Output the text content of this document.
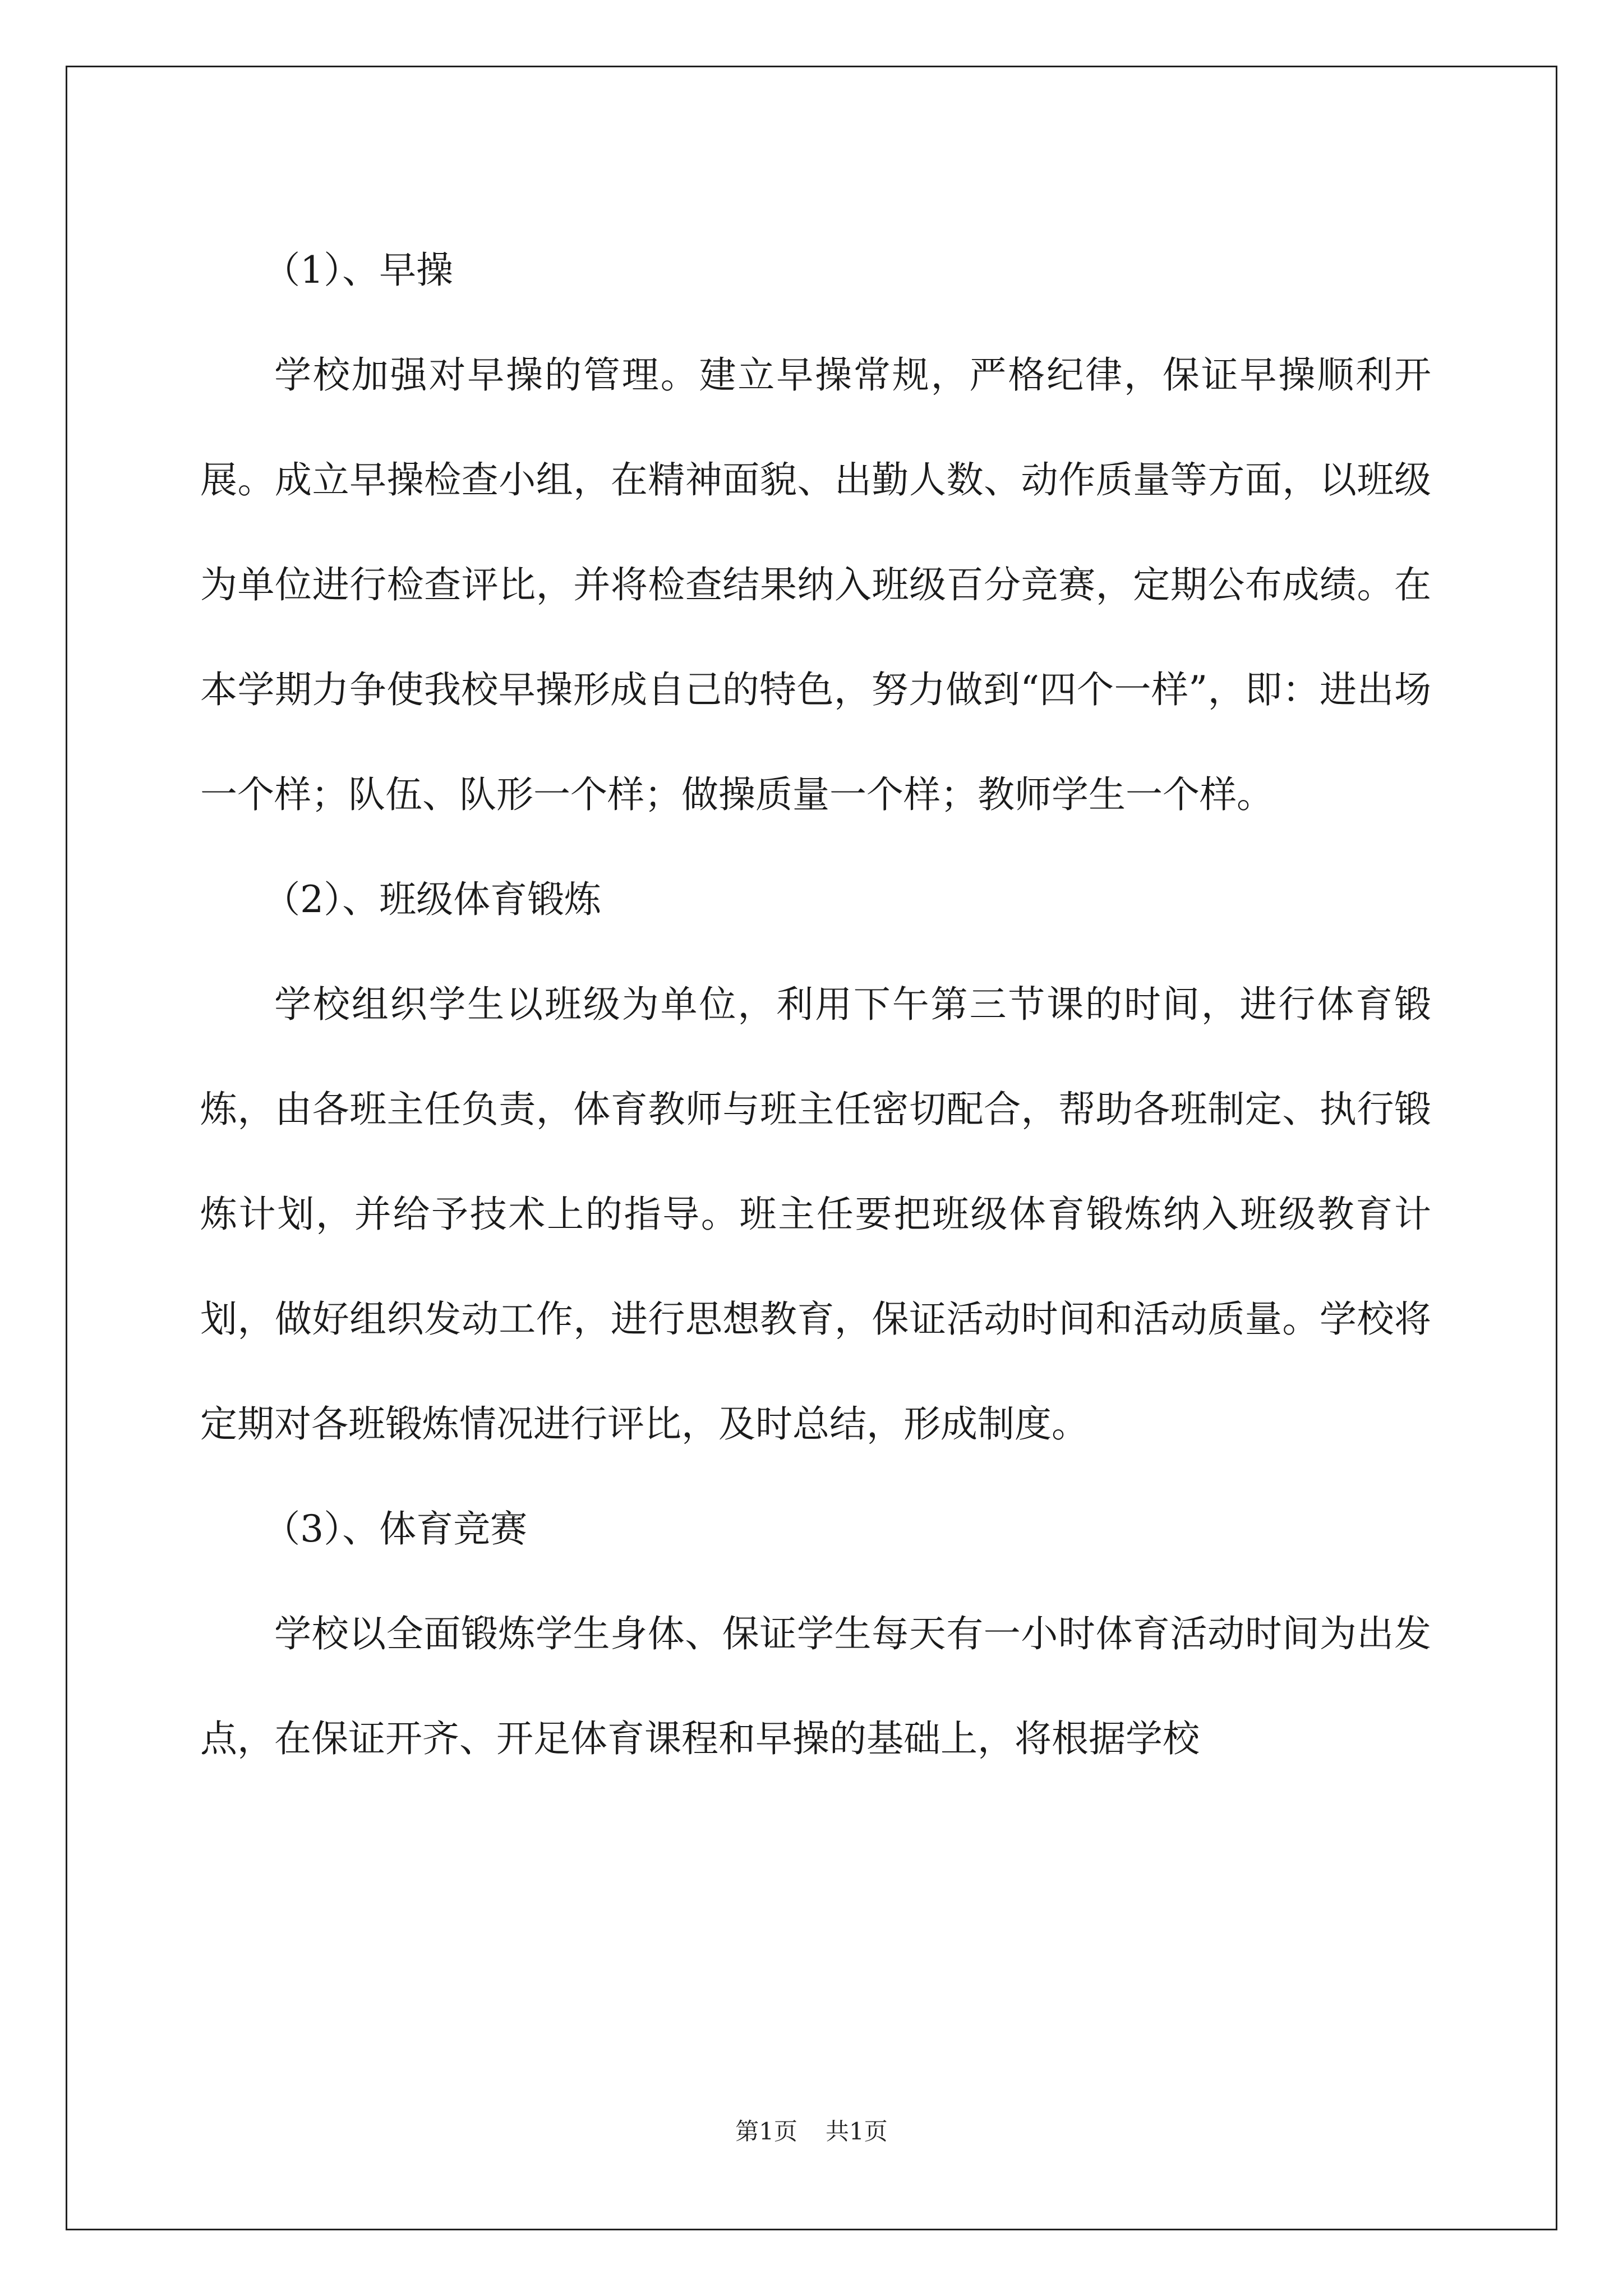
（1）、早操

学校加强对早操的管理。建立早操常规，严格纪律，保证早操顺利开展。成立早操检查小组，在精神面貌、出勤人数、动作质量等方面，以班级为单位进行检查评比，并将检查结果纳入班级百分竞赛，定期公布成绩。在本学期力争使我校早操形成自己的特色，努力做到“四个一样”，即：进出场一个样；队伍、队形一个样；做操质量一个样；教师学生一个样。

（2）、班级体育锻炼

学校组织学生以班级为单位，利用下午第三节课的时间，进行体育锻炼，由各班主任负责，体育教师与班主任密切配合，帮助各班制定、执行锻炼计划，并给予技术上的指导。班主任要把班级体育锻炼纳入班级教育计划，做好组织发动工作，进行思想教育，保证活动时间和活动质量。学校将定期对各班锻炼情况进行评比，及时总结，形成制度。

（3）、体育竞赛

学校以全面锻炼学生身体、保证学生每天有一小时体育活动时间为出发点，在保证开齐、开足体育课程和早操的基础上，将根据学校

第1页 共1页
